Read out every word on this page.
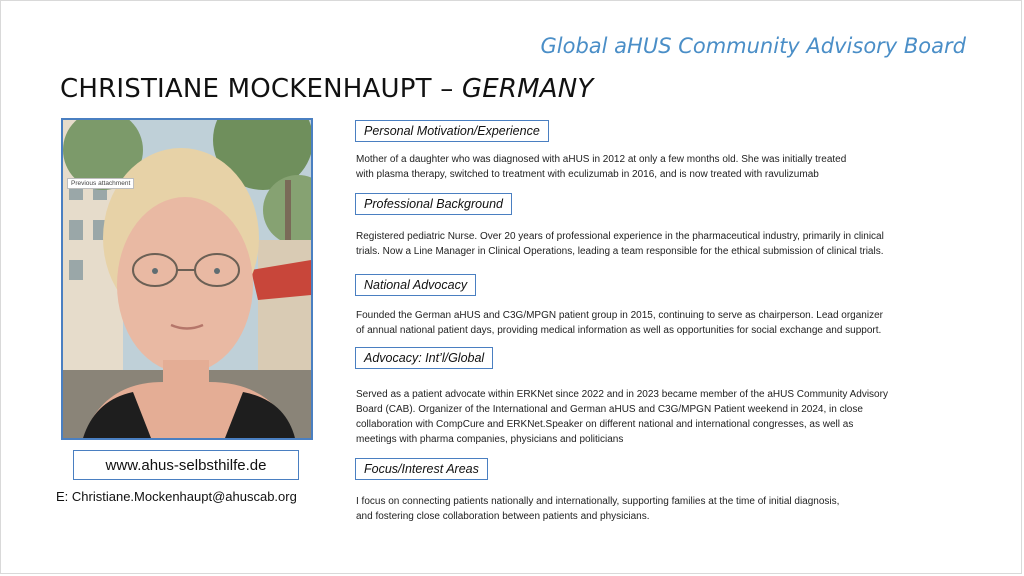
Global aHUS Community Advisory Board
CHRISTIANE MOCKENHAUPT – GERMANY
Previous attachment
www.ahus-selbsthilfe.de
E: Christiane.Mockenhaupt@ahuscab.org
Personal Motivation/Experience

Mother of a daughter who was diagnosed with aHUS in 2012 at only a few months old. She was initially treated

with plasma therapy, switched to treatment with eculizumab in 2016, and is now treated with ravulizumab

Professional Background

Registered pediatric Nurse. Over 20 years of professional experience in the pharmaceutical industry, primarily in clinical

trials. Now a Line Manager in Clinical Operations, leading a team responsible for the ethical submission of clinical trials.

National Advocacy

Founded the German aHUS and C3G/MPGN patient group in 2015, continuing to serve as chairperson. Lead organizer

of annual national patient days, providing medical information as well as opportunities for social exchange and support.

Advocacy: Int’l/Global

Served as a patient advocate within ERKNet since 2022 and in 2023 became member of the aHUS Community Advisory

Board (CAB). Organizer of the International and German aHUS and C3G/MPGN Patient weekend in 2024, in close

collaboration with CompCure and ERKNet.Speaker on different national and international congresses, as well as

meetings with pharma companies, physicians and politicians

Focus/Interest Areas

I focus on connecting patients nationally and internationally, supporting families at the time of initial diagnosis,

and fostering close collaboration between patients and physicians.
